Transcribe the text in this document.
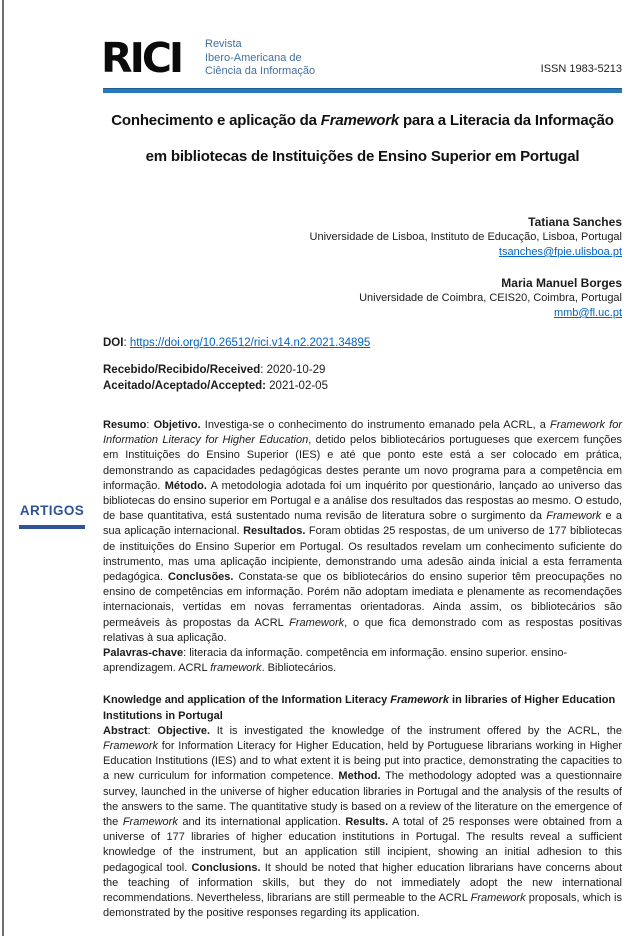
ARTIGOS
RICI Revista
Ibero-Americana de
Ciência da Informação	ISSN 1983-5213
Conhecimento e aplicação da Framework para a Literacia da Informação
em bibliotecas de Instituições de Ensino Superior em Portugal
Tatiana Sanches
Universidade de Lisboa, Instituto de Educação, Lisboa, Portugal
tsanches@fpie.ulisboa.pt
Maria Manuel Borges
Universidade de Coimbra, CEIS20, Coimbra, Portugal
mmb@fl.uc.pt
DOI: https://doi.org/10.26512/rici.v14.n2.2021.34895
Recebido/Recibido/Received: 2020-10-29
Aceitado/Aceptado/Accepted: 2021-02-05

Resumo: Objetivo. Investiga-se o conhecimento do instrumento emanado pela ACRL, a Framework for Information Literacy for Higher Education, detido pelos bibliotecários portugueses que exercem funções em Instituições do Ensino Superior (IES) e até que ponto este está a ser colocado em prática, demonstrando as capacidades pedagógicas destes perante um novo programa para a competência em informação. Método. A metodologia adotada foi um inquérito por questionário, lançado ao universo das bibliotecas do ensino superior em Portugal e a análise dos resultados das respostas ao mesmo. O estudo, de base quantitativa, está sustentado numa revisão de literatura sobre o surgimento da Framework e a sua aplicação internacional. Resultados. Foram obtidas 25 respostas, de um universo de 177 bibliotecas de instituições do Ensino Superior em Portugal. Os resultados revelam um conhecimento suficiente do instrumento, mas uma aplicação incipiente, demonstrando uma adesão ainda inicial a esta ferramenta pedagógica. Conclusões. Constata-se que os bibliotecários do ensino superior têm preocupações no ensino de competências em informação. Porém não adoptam imediata e plenamente as recomendações internacionais, vertidas em novas ferramentas orientadoras. Ainda assim, os bibliotecários são permeáveis às propostas da ACRL Framework, o que fica demonstrado com as respostas positivas relativas à sua aplicação.

Palavras-chave: literacia da informação. competência em informação. ensino superior. ensino-aprendizagem. ACRL framework. Bibliotecários.

Knowledge and application of the Information Literacy Framework in libraries of Higher Education Institutions in Portugal

Abstract: Objective. It is investigated the knowledge of the instrument offered by the ACRL, the Framework for Information Literacy for Higher Education, held by Portuguese librarians working in Higher Education Institutions (IES) and to what extent it is being put into practice, demonstrating the capacities to a new curriculum for information competence. Method. The methodology adopted was a questionnaire survey, launched in the universe of higher education libraries in Portugal and the analysis of the results of the answers to the same. The quantitative study is based on a review of the literature on the emergence of the Framework and its international application. Results. A total of 25 responses were obtained from a universe of 177 libraries of higher education institutions in Portugal. The results reveal a sufficient knowledge of the instrument, but an application still incipient, showing an initial adhesion to this pedagogical tool. Conclusions. It should be noted that higher education librarians have concerns about the teaching of information skills, but they do not immediately adopt the new international recommendations. Nevertheless, librarians are still permeable to the ACRL Framework proposals, which is demonstrated by the positive responses regarding its application.
